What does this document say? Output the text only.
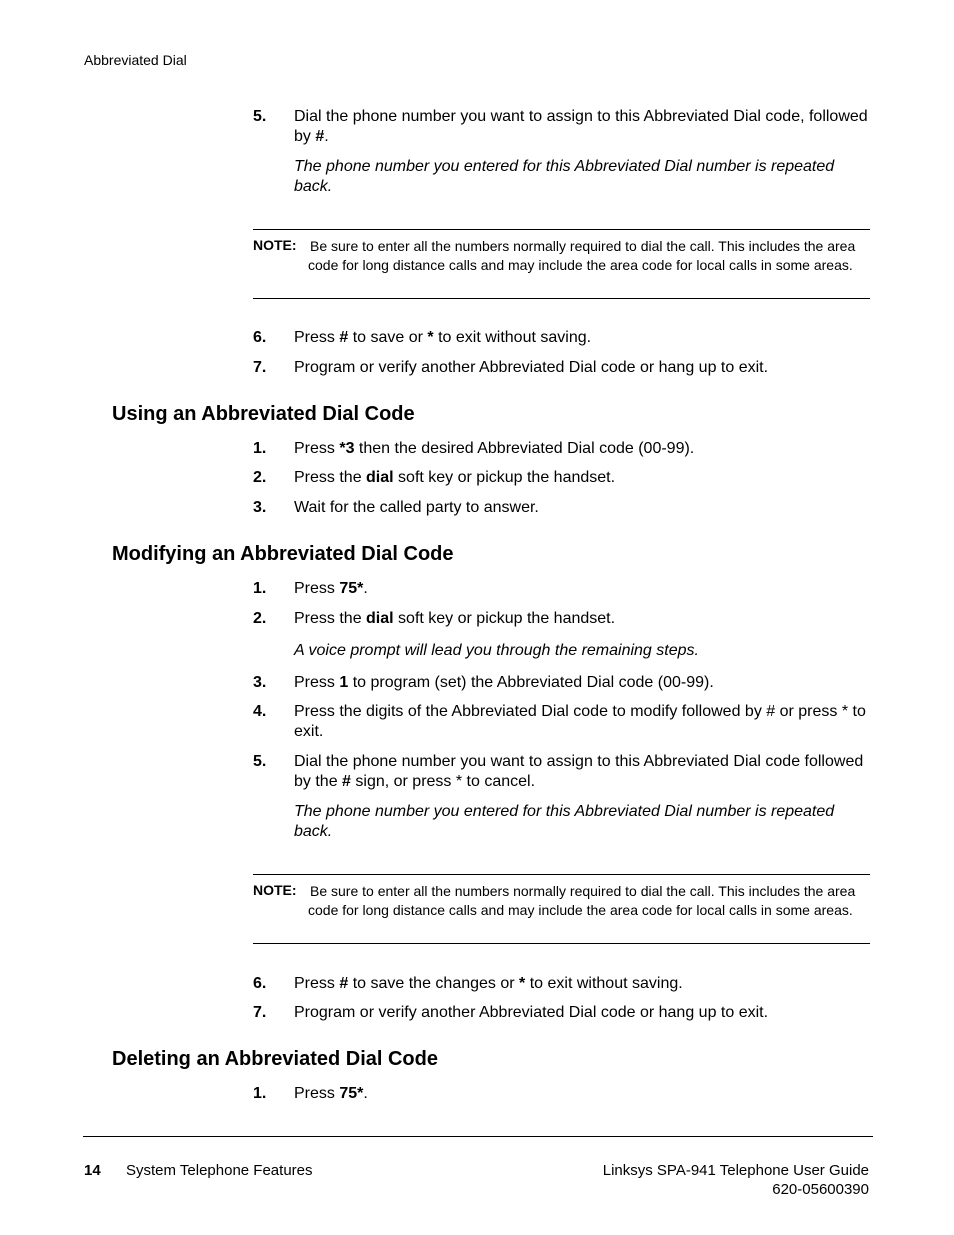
Abbreviated Dial
5. Dial the phone number you want to assign to this Abbreviated Dial code, followed by #.
The phone number you entered for this Abbreviated Dial number is repeated back.
NOTE: Be sure to enter all the numbers normally required to dial the call. This includes the area code for long distance calls and may include the area code for local calls in some areas.
6. Press # to save or * to exit without saving.
7. Program or verify another Abbreviated Dial code or hang up to exit.
Using an Abbreviated Dial Code
1. Press *3 then the desired Abbreviated Dial code (00-99).
2. Press the dial soft key or pickup the handset.
3. Wait for the called party to answer.
Modifying an Abbreviated Dial Code
1. Press 75*.
2. Press the dial soft key or pickup the handset.
A voice prompt will lead you through the remaining steps.
3. Press 1 to program (set) the Abbreviated Dial code (00-99).
4. Press the digits of the Abbreviated Dial code to modify followed by # or press * to exit.
5. Dial the phone number you want to assign to this Abbreviated Dial code followed by the # sign, or press * to cancel.
The phone number you entered for this Abbreviated Dial number is repeated back.
NOTE: Be sure to enter all the numbers normally required to dial the call. This includes the area code for long distance calls and may include the area code for local calls in some areas.
6. Press # to save the changes or * to exit without saving.
7. Program or verify another Abbreviated Dial code or hang up to exit.
Deleting an Abbreviated Dial Code
1. Press 75*.
14 System Telephone Features	Linksys SPA-941 Telephone User Guide
620-05600390
